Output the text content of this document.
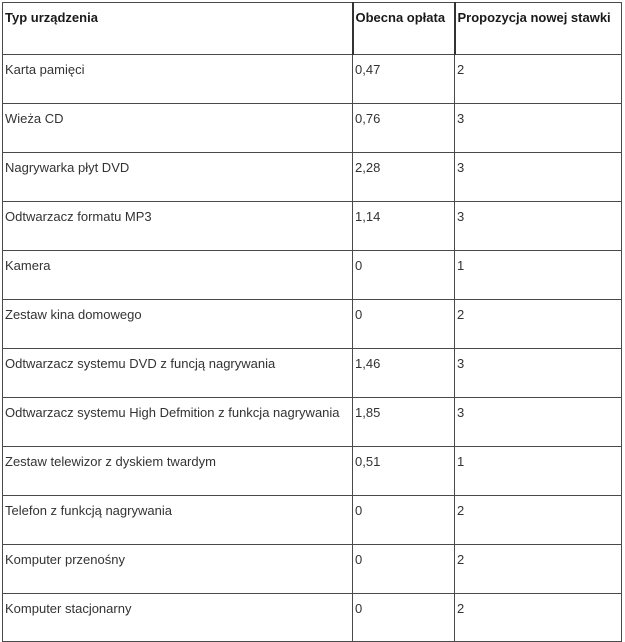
Typ urządzenia	Obecna opłata	Propozycja nowej stawki
Karta pamięci	0,47	2
Wieża CD	0,76	3
Nagrywarka płyt DVD	2,28	3
Odtwarzacz formatu MP3	1,14	3
Kamera	0	1
Zestaw kina domowego	0	2
Odtwarzacz systemu DVD z funcją nagrywania	1,46	3
Odtwarzacz systemu High Defmition z funkcja nagrywania	1,85	3
Zestaw telewizor z dyskiem twardym	0,51	1
Telefon z funkcją nagrywania	0	2
Komputer przenośny	0	2
Komputer stacjonarny	0	2
